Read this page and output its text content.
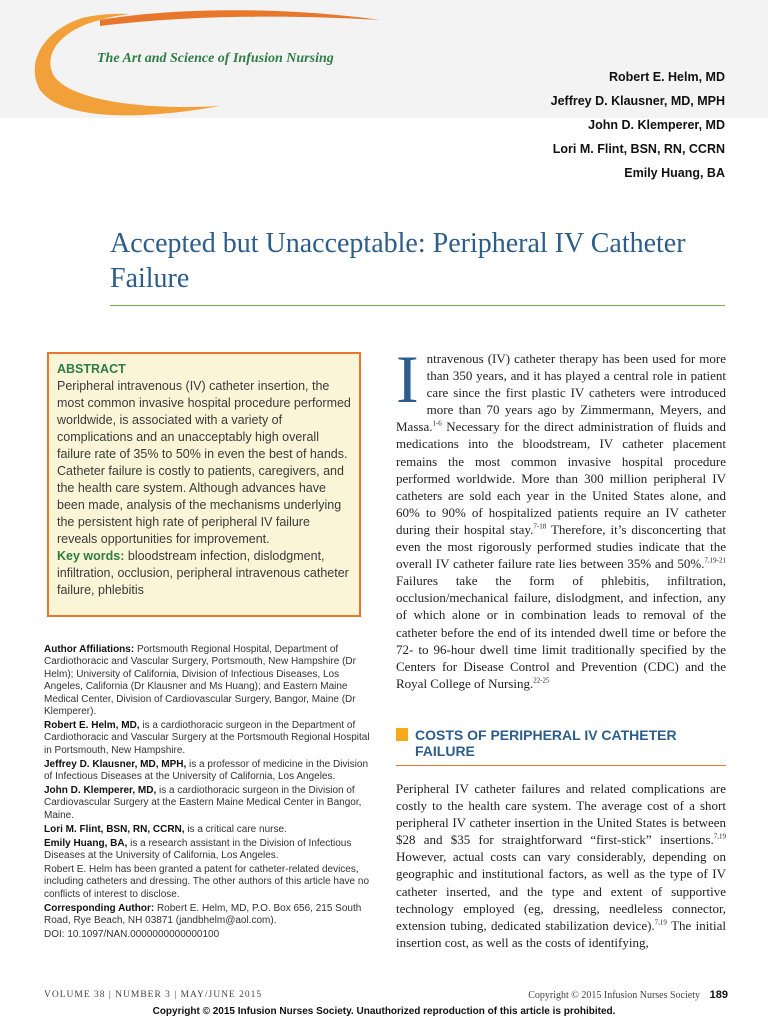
The Art and Science of Infusion Nursing
Robert E. Helm, MD
Jeffrey D. Klausner, MD, MPH
John D. Klemperer, MD
Lori M. Flint, BSN, RN, CCRN
Emily Huang, BA
Accepted but Unacceptable: Peripheral IV Catheter Failure
ABSTRACT
Peripheral intravenous (IV) catheter insertion, the most common invasive hospital procedure performed worldwide, is associated with a variety of complications and an unacceptably high overall failure rate of 35% to 50% in even the best of hands. Catheter failure is costly to patients, caregivers, and the health care system. Although advances have been made, analysis of the mechanisms underlying the persistent high rate of peripheral IV failure reveals opportunities for improvement.
Key words: bloodstream infection, dislodgment, infiltration, occlusion, peripheral intravenous catheter failure, phlebitis

Author Affiliations: Portsmouth Regional Hospital, Department of Cardiothoracic and Vascular Surgery, Portsmouth, New Hampshire (Dr Helm); University of California, Division of Infectious Diseases, Los Angeles, California (Dr Klausner and Ms Huang); and Eastern Maine Medical Center, Division of Cardiovascular Surgery, Bangor, Maine (Dr Klemperer).

Robert E. Helm, MD, is a cardiothoracic surgeon in the Department of Cardiothoracic and Vascular Surgery at the Portsmouth Regional Hospital in Portsmouth, New Hampshire.

Jeffrey D. Klausner, MD, MPH, is a professor of medicine in the Division of Infectious Diseases at the University of California, Los Angeles.

John D. Klemperer, MD, is a cardiothoracic surgeon in the Division of Cardiovascular Surgery at the Eastern Maine Medical Center in Bangor, Maine.

Lori M. Flint, BSN, RN, CCRN, is a critical care nurse.

Emily Huang, BA, is a research assistant in the Division of Infectious Diseases at the University of California, Los Angeles.

Robert E. Helm has been granted a patent for catheter-related devices, including catheters and dressing. The other authors of this article have no conflicts of interest to disclose.

Corresponding Author: Robert E. Helm, MD, P.O. Box 656, 215 South Road, Rye Beach, NH 03871 (jandbhelm@aol.com).

DOI: 10.1097/NAN.0000000000000100

Intravenous (IV) catheter therapy has been used for more than 350 years, and it has played a central role in patient care since the first plastic IV catheters were introduced more than 70 years ago by Zimmermann, Meyers, and Massa.$^{1-6}$ Necessary for the direct administration of fluids and medications into the bloodstream, IV catheter placement remains the most common invasive hospital procedure performed worldwide. More than 300 million peripheral IV catheters are sold each year in the United States alone, and 60% to 90% of hospitalized patients require an IV catheter during their hospital stay.$^{7-18}$ Therefore, it’s disconcerting that even the most rigorously performed studies indicate that the overall IV catheter failure rate lies between 35% and 50%.$^{7,19-21}$ Failures take the form of phlebitis, infiltration, occlusion/mechanical failure, dislodgment, and infection, any of which alone or in combination leads to removal of the catheter before the end of its intended dwell time or before the 72- to 96-hour dwell time limit traditionally specified by the Centers for Disease Control and Prevention (CDC) and the Royal College of Nursing.$^{22-25}$
COSTS OF PERIPHERAL IV CATHETER FAILURE
Peripheral IV catheter failures and related complications are costly to the health care system. The average cost of a short peripheral IV catheter insertion in the United States is between $28 and $35 for straightforward “first-stick” insertions.$^{7,19}$ However, actual costs can vary considerably, depending on geographic and institutional factors, as well as the type of IV catheter inserted, and the type and extent of supportive technology employed (eg, dressing, needleless connector, extension tubing, dedicated stabilization device).$^{7,19}$ The initial insertion cost, as well as the costs of identifying,
VOLUME 38 | NUMBER 3 | MAY/JUNE 2015	Copyright © 2015 Infusion Nurses Society 189
Copyright © 2015 Infusion Nurses Society. Unauthorized reproduction of this article is prohibited.
